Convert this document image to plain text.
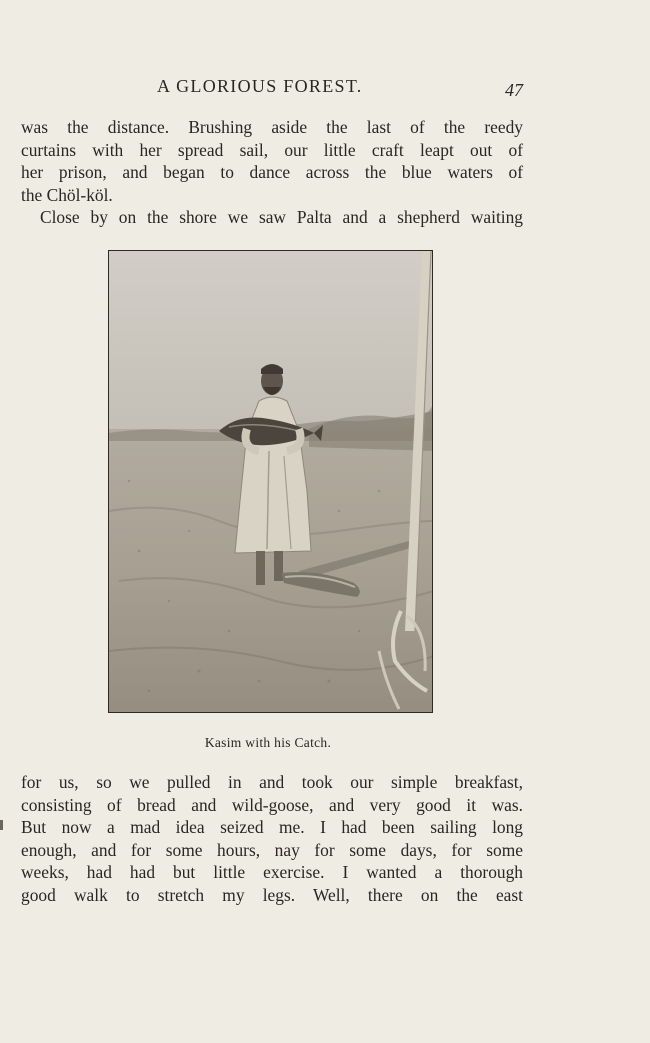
A GLORIOUS FOREST.	47
was the distance. Brushing aside the last of the reedy
curtains with her spread sail, our little craft leapt out of
her prison, and began to dance across the blue waters of
the Chöl-köl.
Close by on the shore we saw Palta and a shepherd waiting
Kasim with his Catch.
for us, so we pulled in and took our simple breakfast,
consisting of bread and wild-goose, and very good it was.
But now a mad idea seized me. I had been sailing long
enough, and for some hours, nay for some days, for some
weeks, had had but little exercise. I wanted a thorough
good walk to stretch my legs. Well, there on the east
